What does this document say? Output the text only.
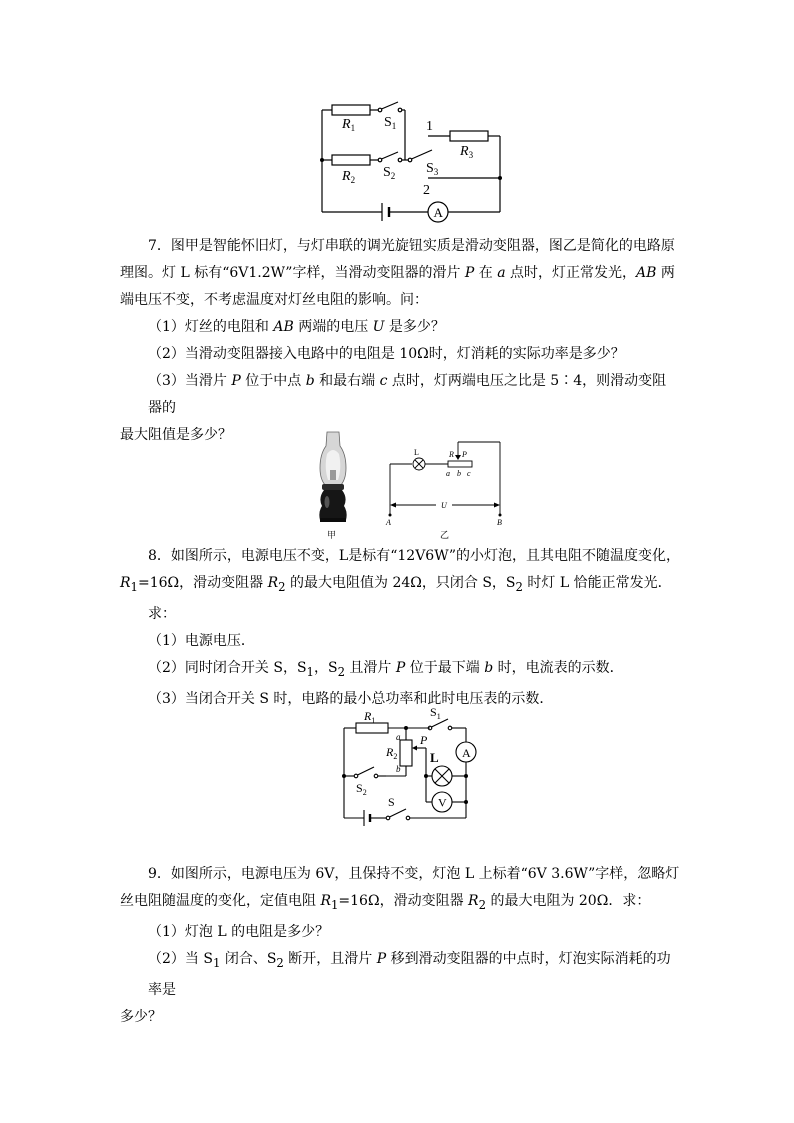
$R_1$ $S_1$
$R_2$ $S_2$ $S_3$
$R_3$
1
2
A

7．图甲是智能怀旧灯，与灯串联的调光旋钮实质是滑动变阻器，图乙是简化的电路原理图。灯 L 标有“6V1.2W”字样，当滑动变阻器的滑片 P 在 a 点时，灯正常发光，AB 两端电压不变，不考虑温度对灯丝电阻的影响。问：

（1）灯丝的电阻和 AB 两端的电压 U 是多少？

（2）当滑动变阻器接入电路中的电阻是 10Ω时，灯消耗的实际功率是多少？

（3）当滑片 P 位于中点 b 和最右端 c 点时，灯两端电压之比是 5∶4，则滑动变阻器的

最大阻值是多少？

甲
L	R P
a b c
U
A	B
乙

8．如图所示，电源电压不变，L是标有“12V6W”的小灯泡，且其电阻不随温度变化，$R_1=16\Omega$，滑动变阻器 $R_2$ 的最大电阻值为 24Ω，只闭合 S，$S_2$ 时灯 L 恰能正常发光．

求：

（1）电源电压．

（2）同时闭合开关 S，$S_1$，$S_2$ 且滑片 P 位于最下端 b 时，电流表的示数．

（3）当闭合开关 S 时，电路的最小总功率和此时电压表的示数．

$R_1$
$S_1$
$R_2$
a
b
P
$S_2$
S
L A
V

9．如图所示，电源电压为 6V，且保持不变，灯泡 L 上标着“6V 3.6W”字样，忽略灯丝电阻随温度的变化，定值电阻 $R_1=16\Omega$，滑动变阻器 $R_2$ 的最大电阻为 20Ω．求：

（1）灯泡 L 的电阻是多少？

（2）当 $S_1$ 闭合、$S_2$ 断开，且滑片 P 移到滑动变阻器的中点时，灯泡实际消耗的功率是

多少？
